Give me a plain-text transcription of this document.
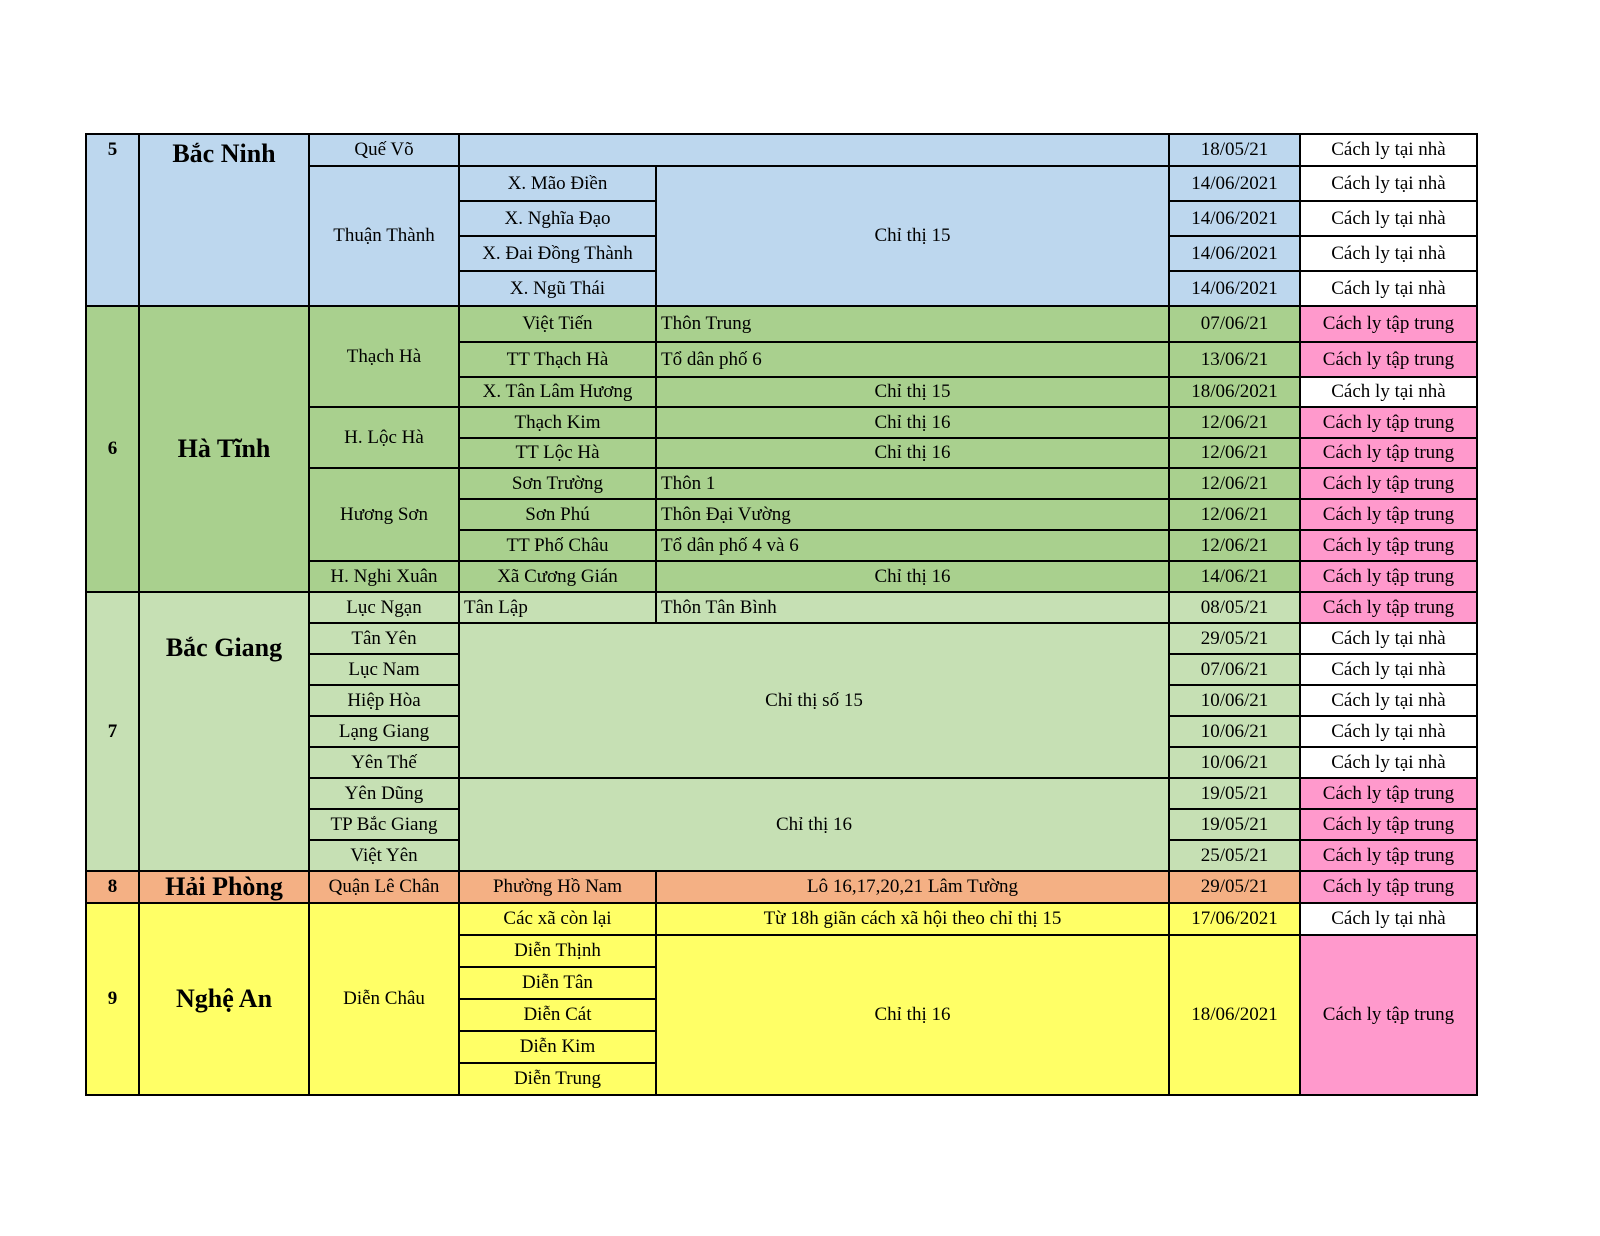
5	Bắc Ninh	Quế Võ			18/05/21	Cách ly tại nhà
		Thuận Thành	X. Mão Điền	Chỉ thị 15	14/06/2021	Cách ly tại nhà
			X. Nghĩa Đạo		14/06/2021	Cách ly tại nhà
			X. Đai Đồng Thành		14/06/2021	Cách ly tại nhà
			X. Ngũ Thái		14/06/2021	Cách ly tại nhà
6	Hà Tĩnh	Thạch Hà	Việt Tiến	Thôn Trung	07/06/21	Cách ly tập trung
			TT Thạch Hà	Tổ dân phố 6	13/06/21	Cách ly tập trung
			X. Tân Lâm Hương	Chỉ thị 15	18/06/2021	Cách ly tại nhà
		H. Lộc Hà	Thạch Kim	Chỉ thị 16	12/06/21	Cách ly tập trung
			TT Lộc Hà	Chỉ thị 16	12/06/21	Cách ly tập trung
		Hương Sơn	Sơn Trường	Thôn 1	12/06/21	Cách ly tập trung
			Sơn Phú	Thôn Đại Vường	12/06/21	Cách ly tập trung
			TT Phố Châu	Tổ dân phố 4 và 6	12/06/21	Cách ly tập trung
		H. Nghi Xuân	Xã Cương Gián	Chỉ thị 16	14/06/21	Cách ly tập trung
7	Bắc Giang	Lục Ngạn	Tân Lập	Thôn Tân Bình	08/05/21	Cách ly tập trung
		Tân Yên	Chỉ thị số 15		29/05/21	Cách ly tại nhà
		Lục Nam			07/06/21	Cách ly tại nhà
		Hiệp Hòa			10/06/21	Cách ly tại nhà
		Lạng Giang			10/06/21	Cách ly tại nhà
		Yên Thế			10/06/21	Cách ly tại nhà
		Yên Dũng	Chỉ thị 16		19/05/21	Cách ly tập trung
		TP Bắc Giang			19/05/21	Cách ly tập trung
		Việt Yên			25/05/21	Cách ly tập trung
8	Hải Phòng	Quận Lê Chân	Phường Hồ Nam	Lô 16,17,20,21 Lâm Tường	29/05/21	Cách ly tập trung
9	Nghệ An	Diễn Châu	Các xã còn lại	Từ 18h giãn cách xã hội theo chỉ thị 15	17/06/2021	Cách ly tại nhà
			Diễn Thịnh	Chỉ thị 16	18/06/2021	Cách ly tập trung
			Diễn Tân			
			Diễn Cát			
			Diễn Kim			
			Diễn Trung			
